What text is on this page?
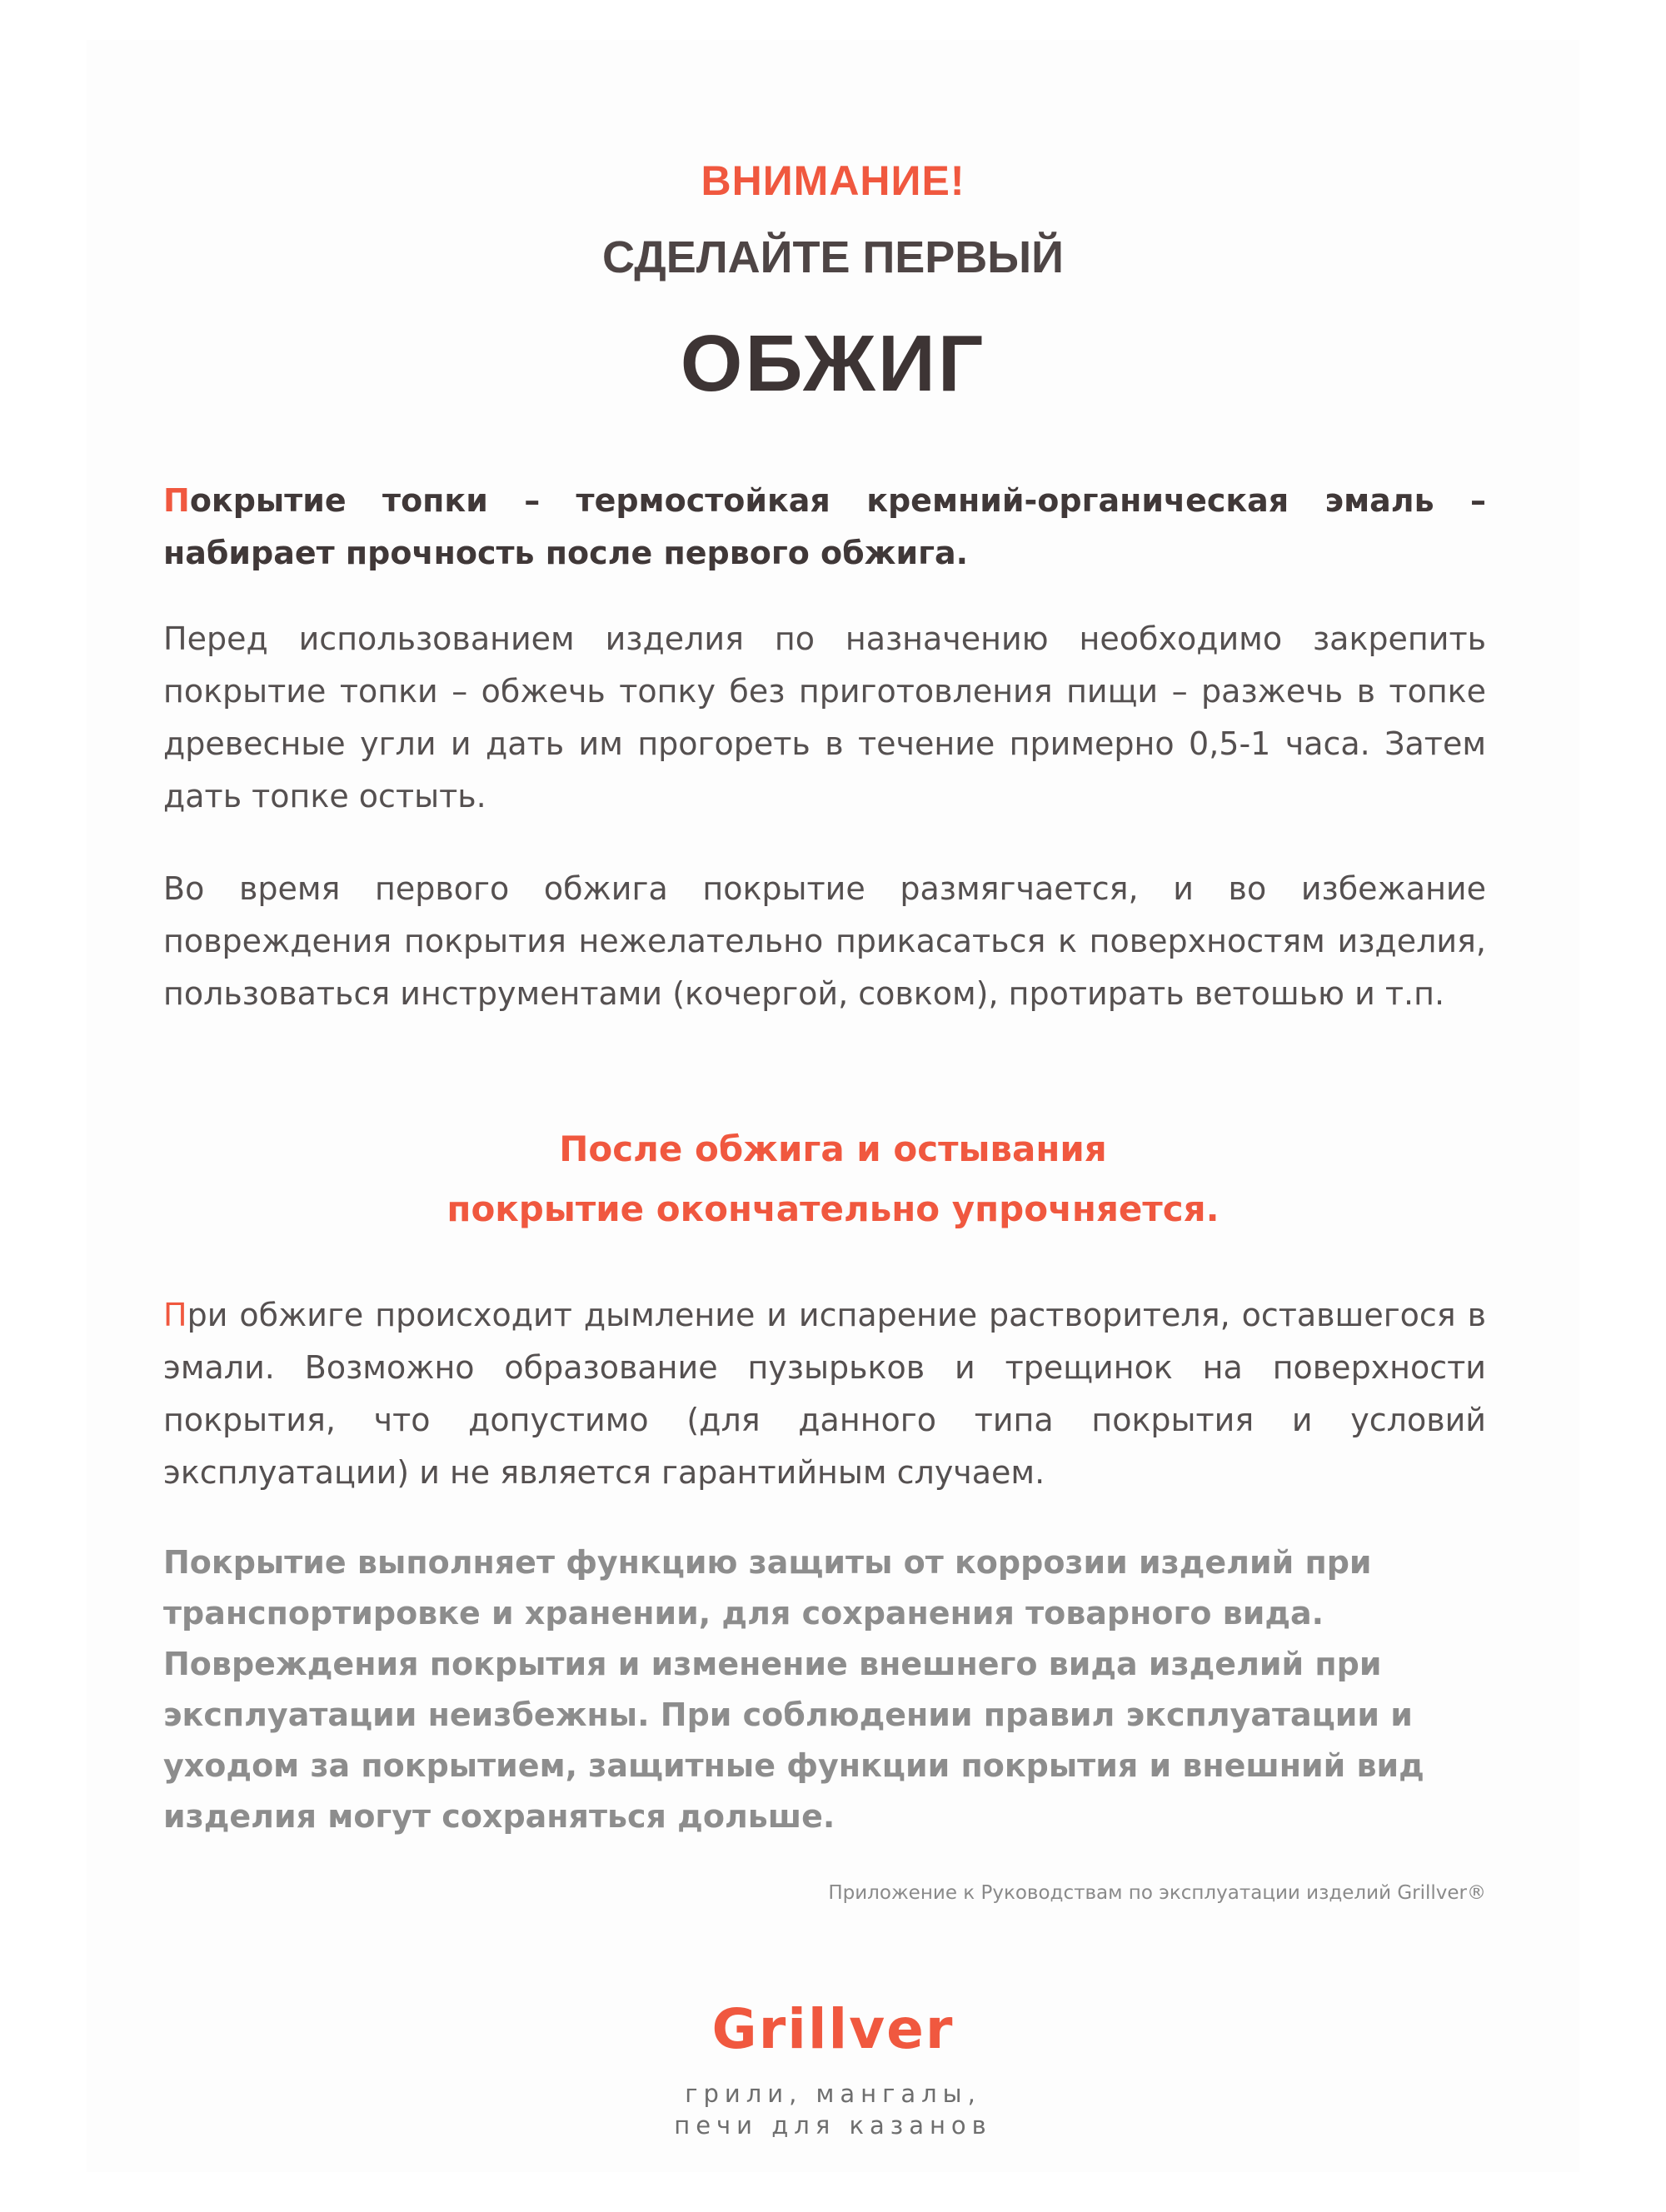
ВНИМАНИЕ!
СДЕЛАЙТЕ ПЕРВЫЙ
ОБЖИГ

Покрытие топки – термостойкая кремний-органическая эмаль – набирает прочность после первого обжига.

Перед использованием изделия по назначению необходимо закрепить покрытие топки – обжечь топку без приготовления пищи – разжечь в топке древесные угли и дать им прогореть в течение примерно 0,5-1 часа. Затем дать топке остыть.

Во время первого обжига покрытие размягчается, и во избежание повреждения покрытия нежелательно прикасаться к поверхностям изделия, пользоваться инструментами (кочергой, совком), протирать ветошью и т.п.

После обжига и остывания
покрытие окончательно упрочняется.

При обжиге происходит дымление и испарение растворителя, оставшегося в эмали. Возможно образование пузырьков и трещинок на поверхности покрытия, что допустимо (для данного типа покрытия и условий эксплуатации) и не является гарантийным случаем.

Покрытие выполняет функцию защиты от коррозии изделий при транспортировке и хранении, для сохранения товарного вида. Повреждения покрытия и изменение внешнего вида изделий при эксплуатации неизбежны. При соблюдении правил эксплуатации и уходом за покрытием, защитные функции покрытия и внешний вид изделия могут сохраняться дольше.

Приложение к Руководствам по эксплуатации изделий Grillver®
Grillver
грили, мангалы,
печи для казанов
